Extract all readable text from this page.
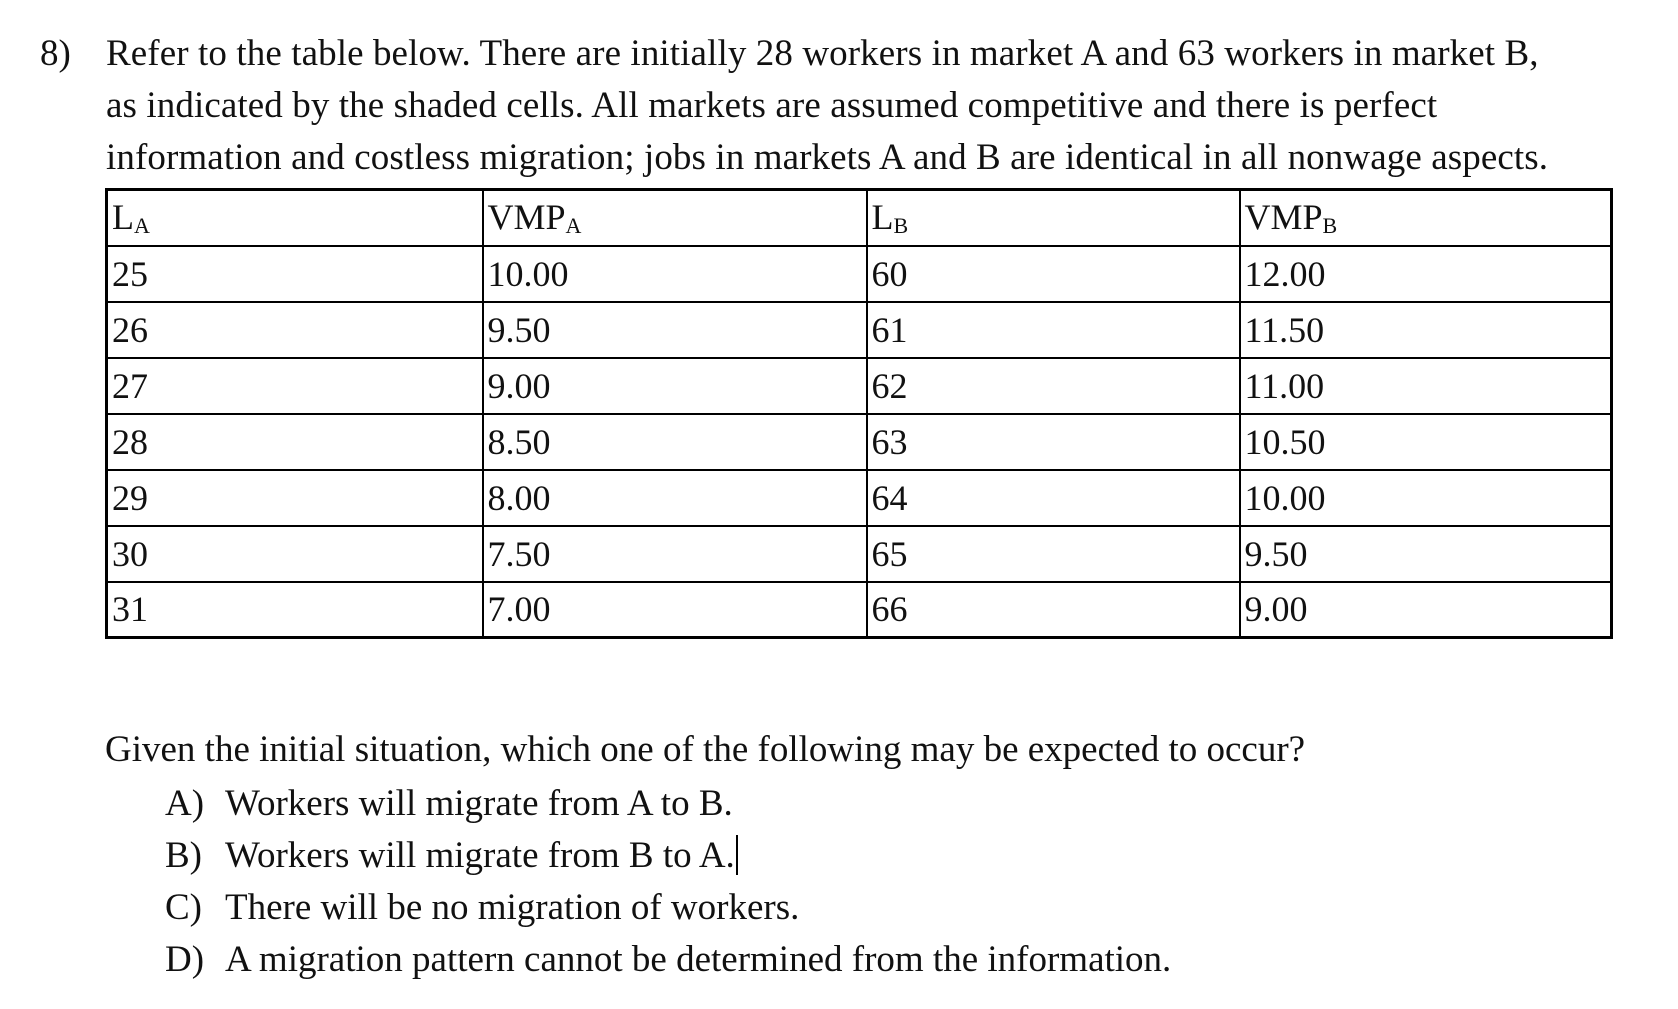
8) Refer to the table below. There are initially 28 workers in market A and 63 workers in market B,
as indicated by the shaded cells. All markets are assumed competitive and there is perfect
information and costless migration; jobs in markets A and B are identical in all nonwage aspects.
LA	VMPA	LB	VMPB
25	10.00	60	12.00
26	9.50	61	11.50
27	9.00	62	11.00
28	8.50	63	10.50
29	8.00	64	10.00
30	7.50	65	9.50
31	7.00	66	9.00
Given the initial situation, which one of the following may be expected to occur?
A) Workers will migrate from A to B.
B) Workers will migrate from B to A.
C) There will be no migration of workers.
D) A migration pattern cannot be determined from the information.
